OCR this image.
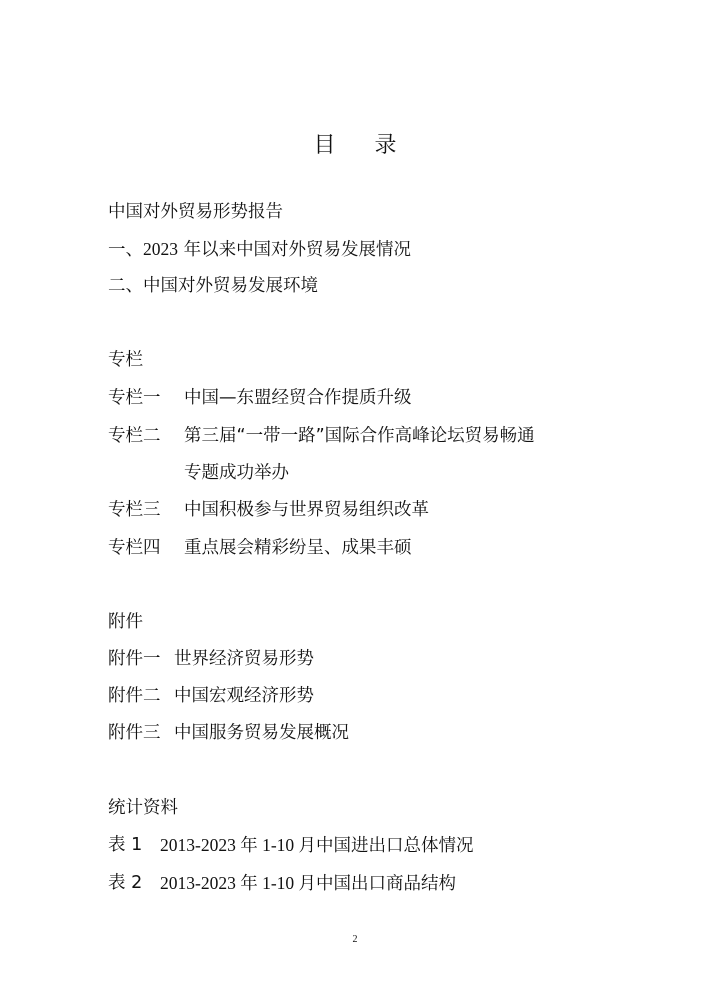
目 录
中国对外贸易形势报告
一、2023 年以来中国对外贸易发展情况
二、中国对外贸易发展环境
专栏
专栏一 中国—东盟经贸合作提质升级
专栏二 第三届“一带一路”国际合作高峰论坛贸易畅通
专题成功举办
专栏三 中国积极参与世界贸易组织改革
专栏四 重点展会精彩纷呈、成果丰硕
附件
附件一 世界经济贸易形势
附件二 中国宏观经济形势
附件三 中国服务贸易发展概况
统计资料
表 1 2013-2023 年 1-10 月中国进出口总体情况
表 2 2013-2023 年 1-10 月中国出口商品结构
2
